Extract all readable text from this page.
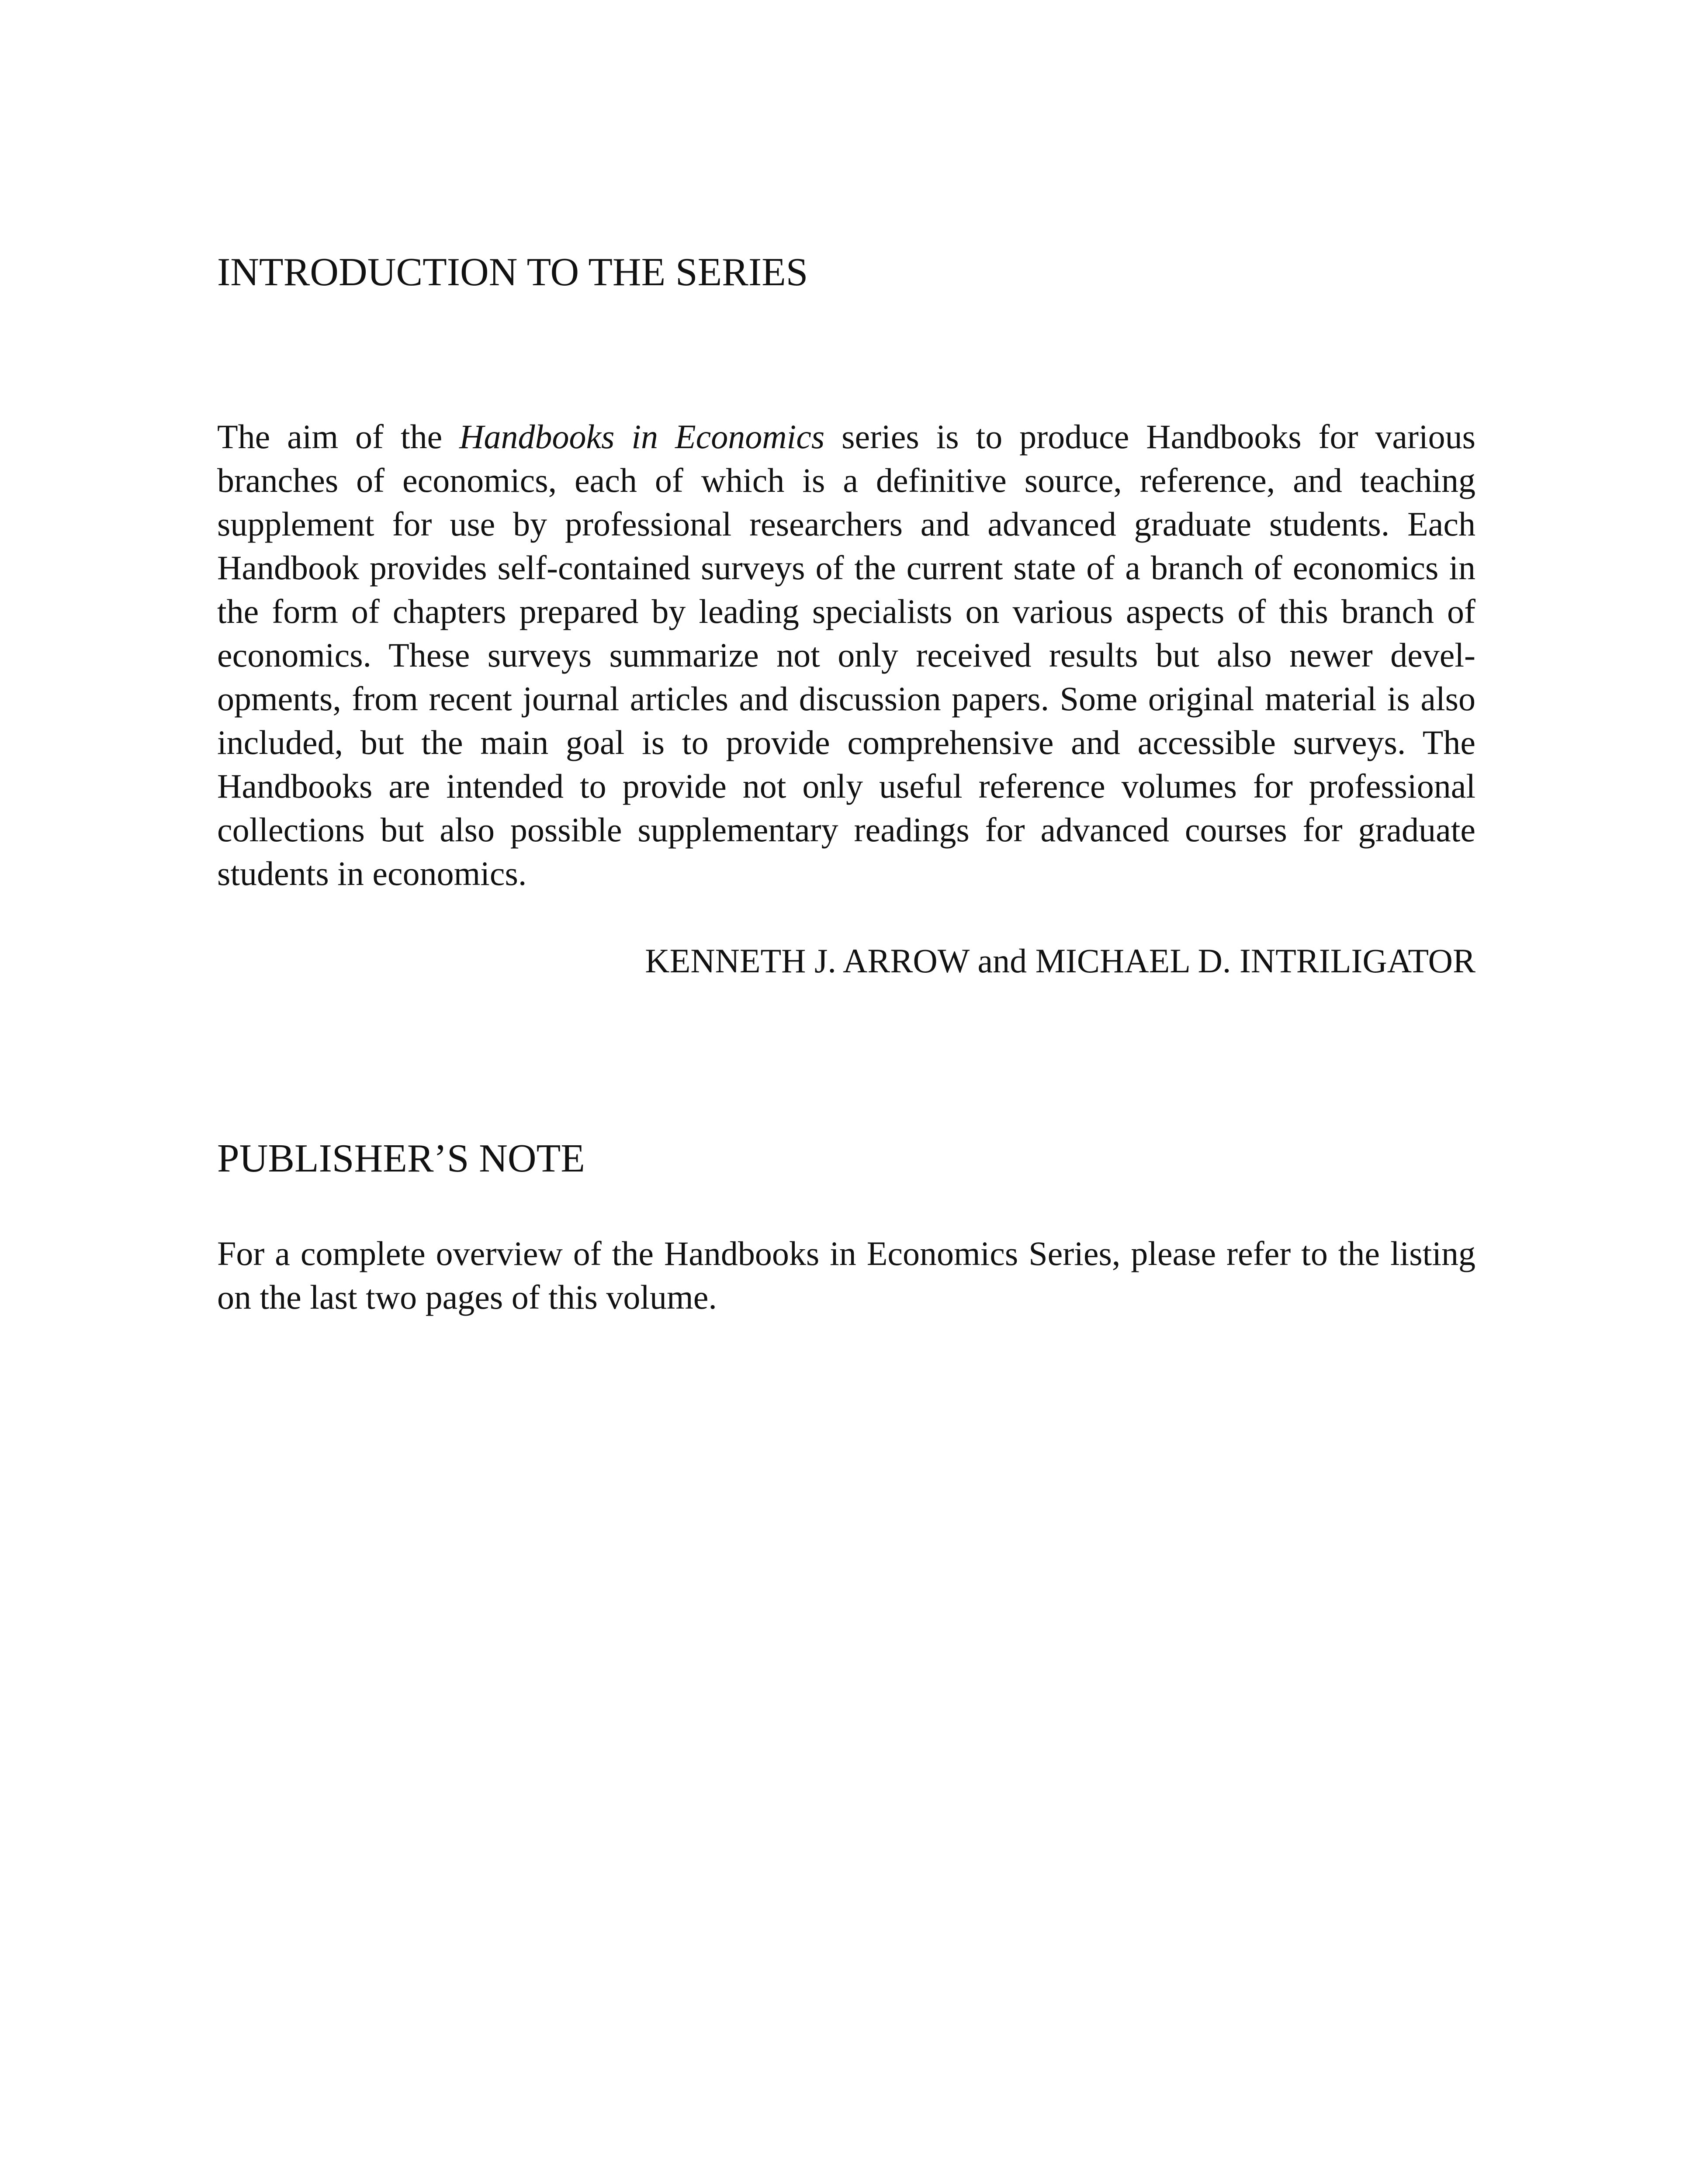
INTRODUCTION TO THE SERIES

The aim of the Handbooks in Economics series is to produce Handbooks for various branches of economics, each of which is a definitive source, reference, and teaching supplement for use by professional researchers and advanced graduate students. Each Handbook provides self-contained surveys of the current state of a branch of economics in the form of chapters prepared by leading specialists on various aspects of this branch of economics. These surveys summarize not only received results but also newer developments, from recent journal articles and discussion papers. Some original material is also included, but the main goal is to provide comprehensive and accessible surveys. The Handbooks are intended to provide not only useful reference volumes for professional collections but also possible supplementary readings for advanced courses for graduate students in economics.

KENNETH J. ARROW and MICHAEL D. INTRILIGATOR

PUBLISHER’S NOTE

For a complete overview of the Handbooks in Economics Series, please refer to the listing on the last two pages of this volume.
